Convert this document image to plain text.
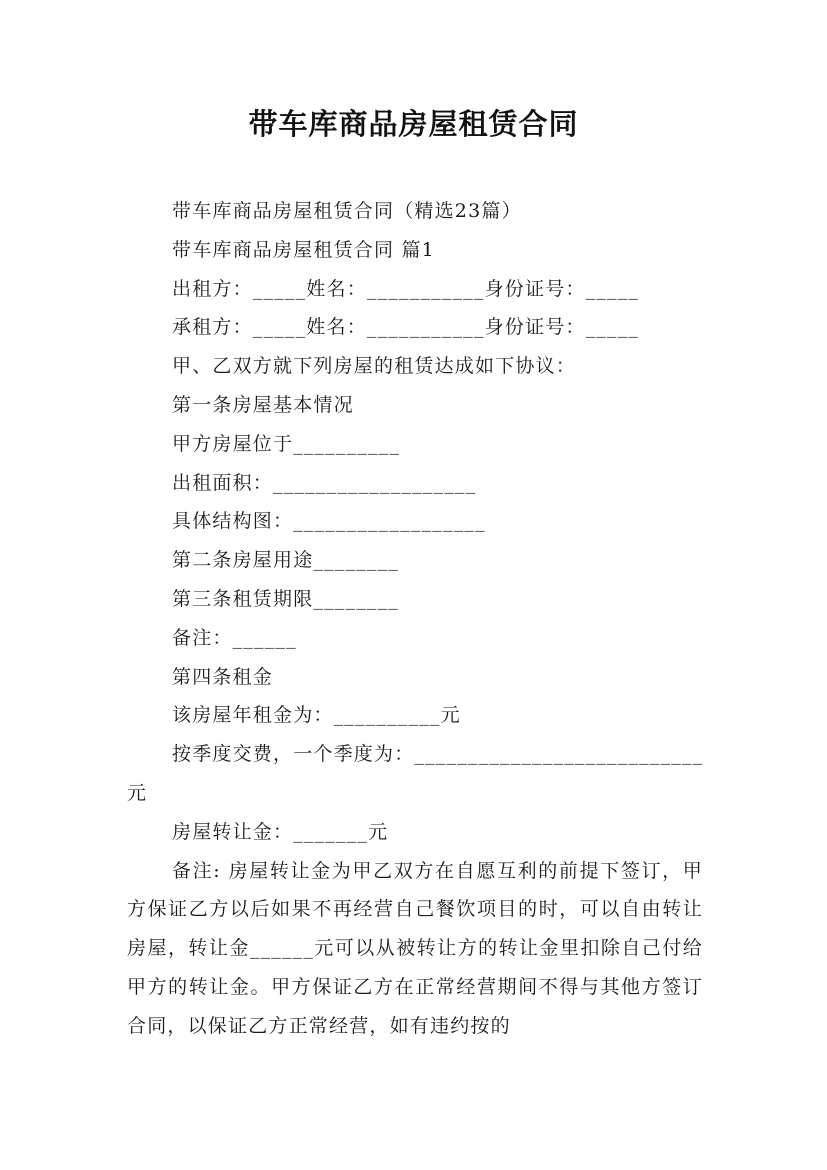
带车库商品房屋租赁合同

带车库商品房屋租赁合同（精选23篇）

带车库商品房屋租赁合同 篇1

出租方：_____姓名：___________身份证号：_____

承租方：_____姓名：___________身份证号：_____

甲、乙双方就下列房屋的租赁达成如下协议：

第一条房屋基本情况

甲方房屋位于__________

出租面积：___________________

具体结构图：__________________

第二条房屋用途________

第三条租赁期限________

备注：______

第四条租金

该房屋年租金为：__________元

按季度交费，一个季度为：___________________________

元

房屋转让金：_______元

备注: 房屋转让金为甲乙双方在自愿互利的前提下签订，甲方保证乙方以后如果不再经营自己餐饮项目的时，可以自由转让房屋，转让金______元可以从被转让方的转让金里扣除自己付给甲方的转让金。甲方保证乙方在正常经营期间不得与其他方签订合同，以保证乙方正常经营，如有违约按的
